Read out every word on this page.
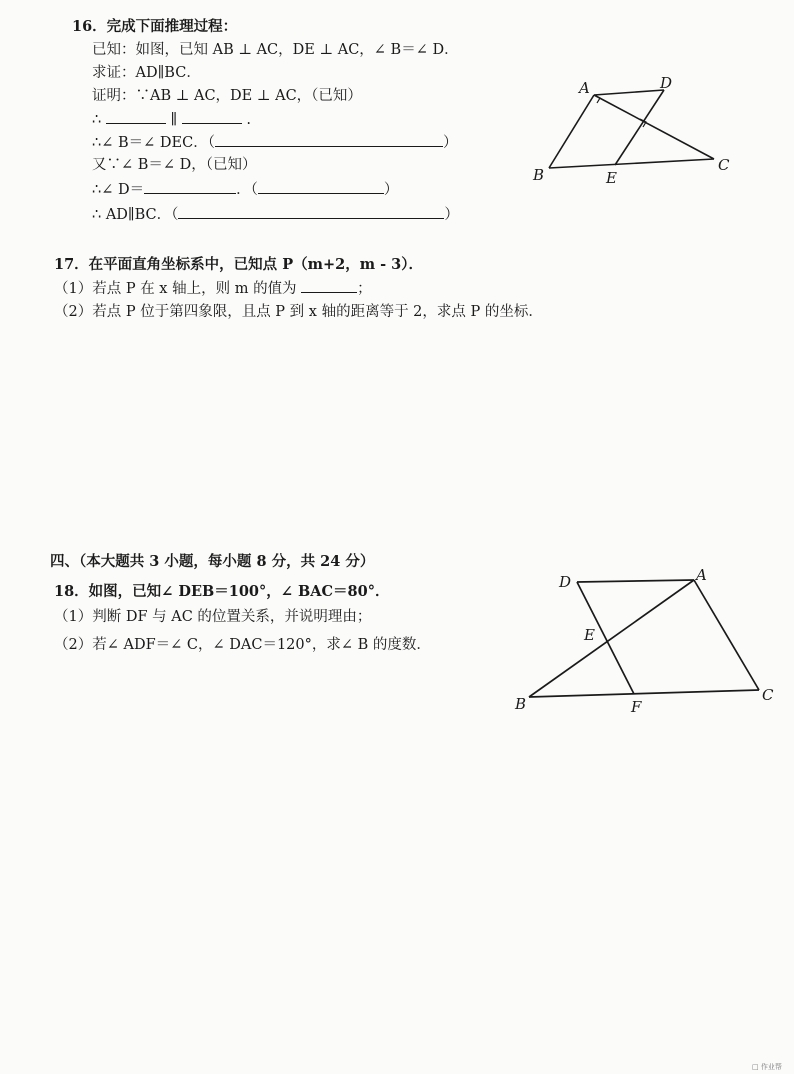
16．完成下面推理过程：
已知：如图，已知 AB ⊥ AC，DE ⊥ AC，∠ B＝∠ D．
求证：AD∥BC．
证明：∵AB ⊥ AC，DE ⊥ AC，（已知）
∴	∥	.
∴∠ B＝∠ DEC．（	）
又∵∠ B＝∠ D，（已知）
∴∠ D＝	．（	）
∴ AD∥BC．（	）
17．在平面直角坐标系中，已知点 P（m+2，m - 3）．
（1）若点 P 在 x 轴上，则 m 的值为	；
（2）若点 P 位于第四象限，且点 P 到 x 轴的距离等于 2，求点 P 的坐标．
四、（本大题共 3 小题，每小题 8 分，共 24 分）
18．如图，已知∠ DEB＝100°，∠ BAC＝80°．
（1）判断 DF 与 AC 的位置关系，并说明理由；
（2）若∠ ADF＝∠ C，∠ DAC＝120°，求∠ B 的度数．
A	D
B	E
C
D	A
E
B	F
C
□ 作业帮
